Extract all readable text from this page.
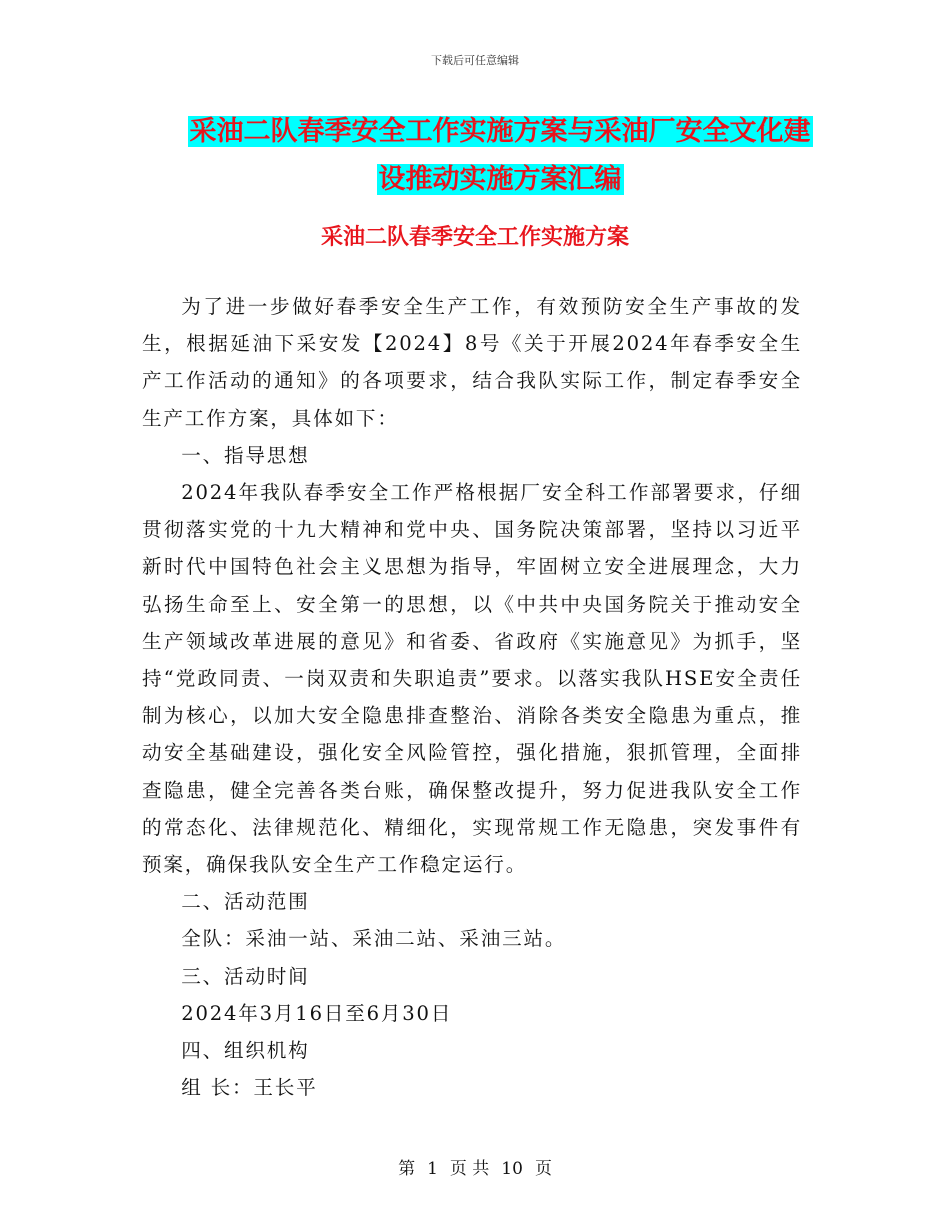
下载后可任意编辑
采油二队春季安全工作实施方案与采油厂安全文化建
设推动实施方案汇编
采油二队春季安全工作实施方案

为了进一步做好春季安全生产工作，有效预防安全生产事故的发生，根据延油下采安发【2024】8号《关于开展2024年春季安全生产工作活动的通知》的各项要求，结合我队实际工作，制定春季安全生产工作方案，具体如下：

一、指导思想

2024年我队春季安全工作严格根据厂安全科工作部署要求，仔细贯彻落实党的十九大精神和党中央、国务院决策部署，坚持以习近平新时代中国特色社会主义思想为指导，牢固树立安全进展理念，大力弘扬生命至上、安全第一的思想，以《中共中央国务院关于推动安全生产领域改革进展的意见》和省委、省政府《实施意见》为抓手，坚持“党政同责、一岗双责和失职追责”要求。以落实我队HSE安全责任制为核心，以加大安全隐患排查整治、消除各类安全隐患为重点，推动安全基础建设，强化安全风险管控，强化措施，狠抓管理，全面排查隐患，健全完善各类台账，确保整改提升，努力促进我队安全工作的常态化、法律规范化、精细化，实现常规工作无隐患，突发事件有预案，确保我队安全生产工作稳定运行。

二、活动范围

全队：采油一站、采油二站、采油三站。

三、活动时间

2024年3月16日至6月30日

四、组织机构

组 长：王长平

第 1 页 共 10 页
